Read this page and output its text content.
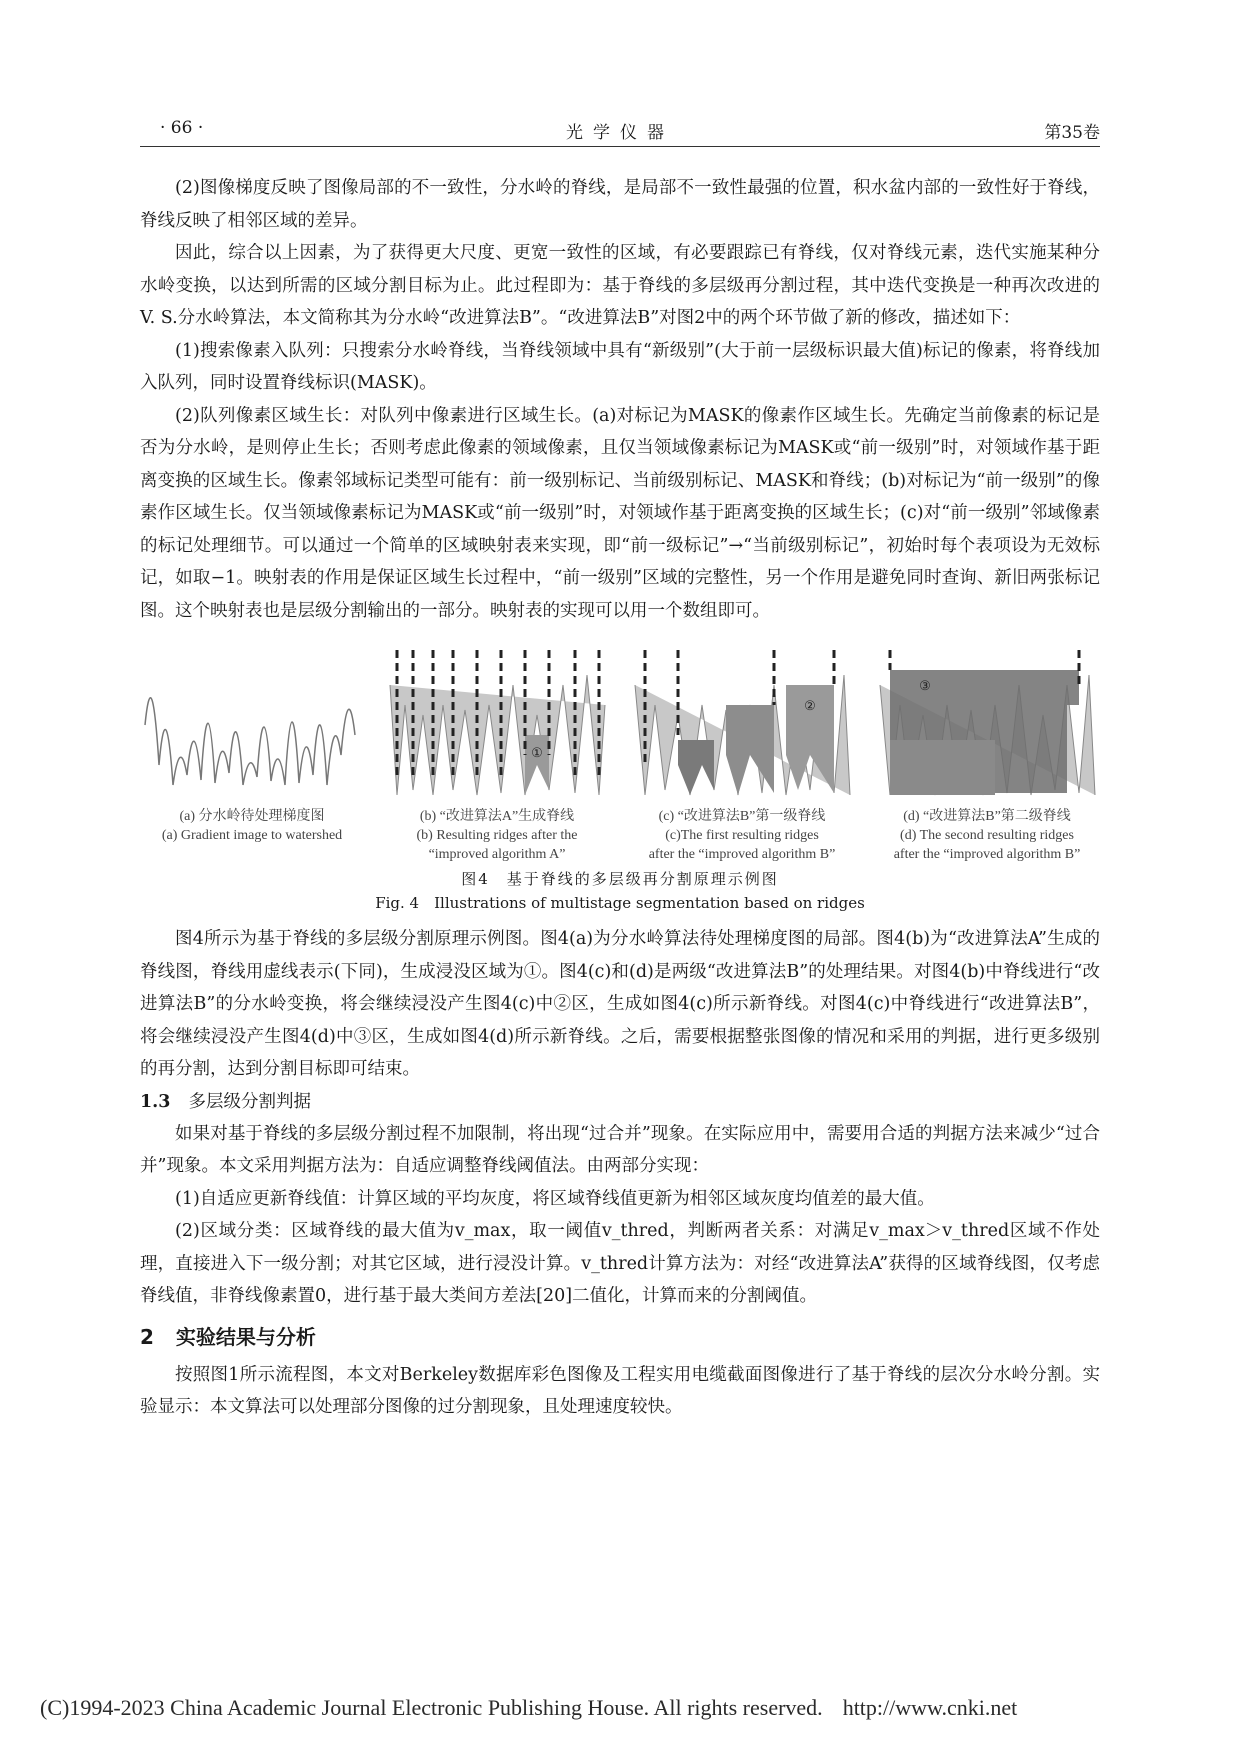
· 66 ·	光学仪器	第35卷

(2)图像梯度反映了图像局部的不一致性，分水岭的脊线，是局部不一致性最强的位置，积水盆内部的一致性好于脊线，脊线反映了相邻区域的差异。

因此，综合以上因素，为了获得更大尺度、更宽一致性的区域，有必要跟踪已有脊线，仅对脊线元素，迭代实施某种分水岭变换，以达到所需的区域分割目标为止。此过程即为：基于脊线的多层级再分割过程，其中迭代变换是一种再次改进的V. S.分水岭算法，本文简称其为分水岭“改进算法B”。“改进算法B”对图2中的两个环节做了新的修改，描述如下：

(1)搜索像素入队列：只搜索分水岭脊线，当脊线领域中具有“新级别”(大于前一层级标识最大值)标记的像素，将脊线加入队列，同时设置脊线标识(MASK)。

(2)队列像素区域生长：对队列中像素进行区域生长。(a)对标记为MASK的像素作区域生长。先确定当前像素的标记是否为分水岭，是则停止生长；否则考虑此像素的领域像素，且仅当领域像素标记为MASK或“前一级别”时，对领域作基于距离变换的区域生长。像素邻域标记类型可能有：前一级别标记、当前级别标记、MASK和脊线；(b)对标记为“前一级别”的像素作区域生长。仅当领域像素标记为MASK或“前一级别”时，对领域作基于距离变换的区域生长；(c)对“前一级别”邻域像素的标记处理细节。可以通过一个简单的区域映射表来实现，即“前一级标记”→“当前级别标记”，初始时每个表项设为无效标记，如取−1。映射表的作用是保证区域生长过程中，“前一级别”区域的完整性，另一个作用是避免同时查询、新旧两张标记图。这个映射表也是层级分割输出的一部分。映射表的实现可以用一个数组即可。

①
②
③
(a) 分水岭待处理梯度图
(a) Gradient image to watershed
(b) “改进算法A”生成脊线
(b) Resulting ridges after the
“improved algorithm A”
(c) “改进算法B”第一级脊线
(c)The first resulting ridges
after the “improved algorithm B”
(d) “改进算法B”第二级脊线
(d) The second resulting ridges
after the “improved algorithm B”
图4　基于脊线的多层级再分割原理示例图
Fig. 4　Illustrations of multistage segmentation based on ridges

图4所示为基于脊线的多层级分割原理示例图。图4(a)为分水岭算法待处理梯度图的局部。图4(b)为“改进算法A”生成的脊线图，脊线用虚线表示(下同)，生成浸没区域为①。图4(c)和(d)是两级“改进算法B”的处理结果。对图4(b)中脊线进行“改进算法B”的分水岭变换，将会继续浸没产生图4(c)中②区，生成如图4(c)所示新脊线。对图4(c)中脊线进行“改进算法B”，将会继续浸没产生图4(d)中③区，生成如图4(d)所示新脊线。之后，需要根据整张图像的情况和采用的判据，进行更多级别的再分割，达到分割目标即可结束。

1.3 多层级分割判据

如果对基于脊线的多层级分割过程不加限制，将出现“过合并”现象。在实际应用中，需要用合适的判据方法来减少“过合并”现象。本文采用判据方法为：自适应调整脊线阈值法。由两部分实现：

(1)自适应更新脊线值：计算区域的平均灰度，将区域脊线值更新为相邻区域灰度均值差的最大值。

(2)区域分类：区域脊线的最大值为v_max，取一阈值v_thred，判断两者关系：对满足v_max＞v_thred区域不作处理，直接进入下一级分割；对其它区域，进行浸没计算。v_thred计算方法为：对经“改进算法A”获得的区域脊线图，仅考虑脊线值，非脊线像素置0，进行基于最大类间方差法[20]二值化，计算而来的分割阈值。

2 实验结果与分析

按照图1所示流程图，本文对Berkeley数据库彩色图像及工程实用电缆截面图像进行了基于脊线的层次分水岭分割。实验显示：本文算法可以处理部分图像的过分割现象，且处理速度较快。

(C)1994-2023 China Academic Journal Electronic Publishing House. All rights reserved. http://www.cnki.net
